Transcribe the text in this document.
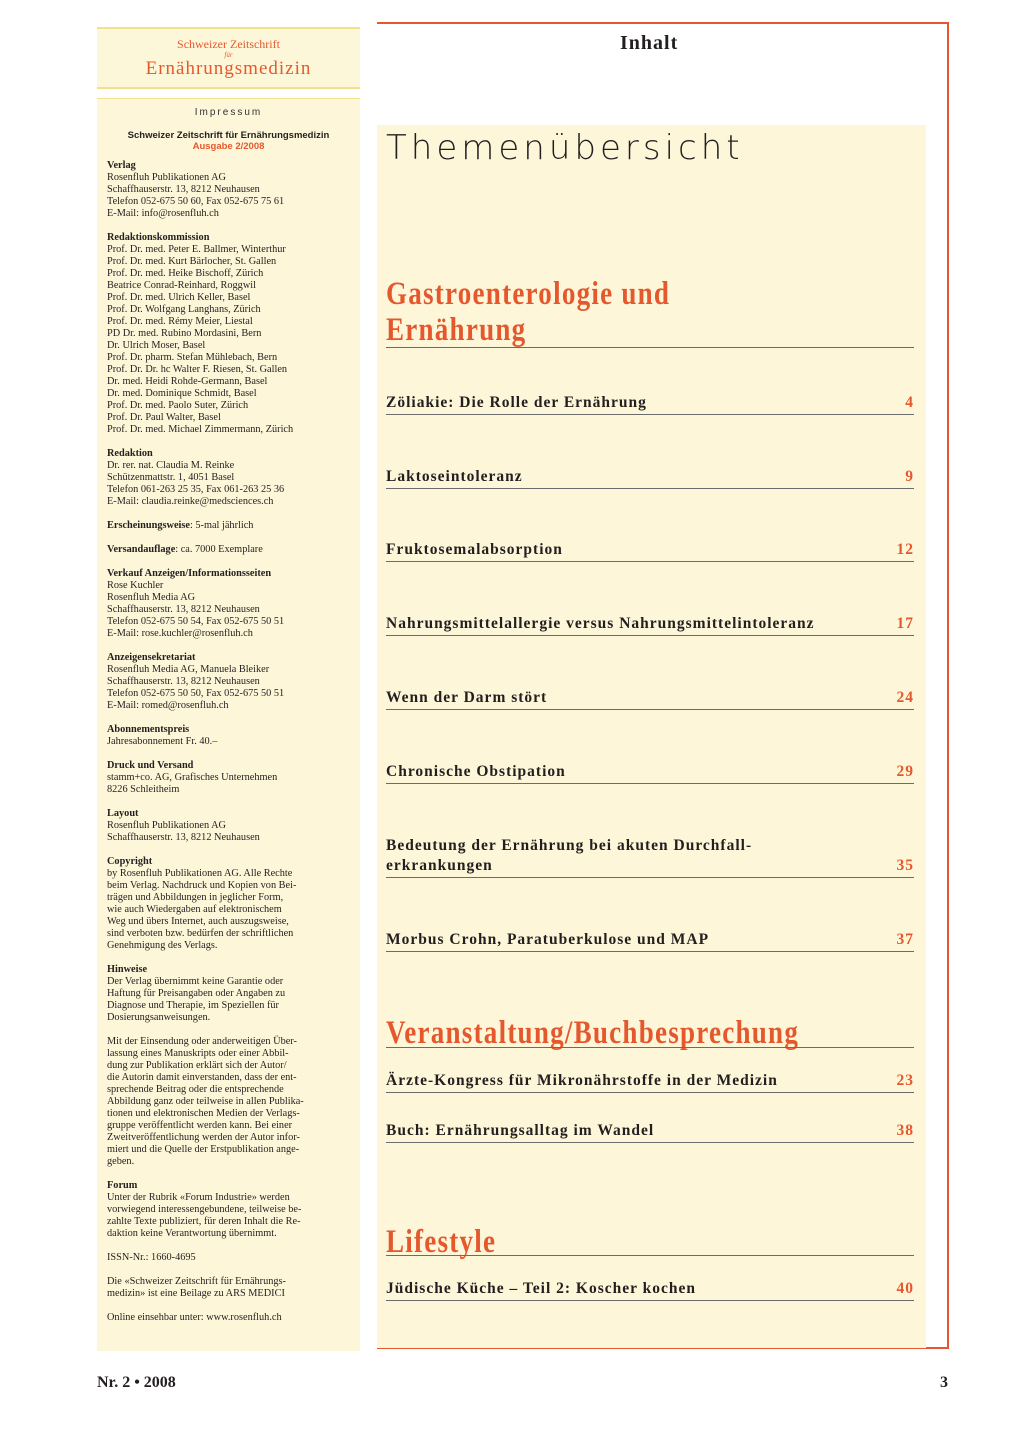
Schweizer Zeitschrift
für
Ernährungsmedizin
Impressum
Schweizer Zeitschrift für Ernährungsmedizin
Ausgabe 2/2008
Verlag
Rosenfluh Publikationen AG
Schaffhauserstr. 13, 8212 Neuhausen
Telefon 052-675 50 60, Fax 052-675 75 61
E-Mail: info@rosenfluh.ch
Redaktionskommission
Prof. Dr. med. Peter E. Ballmer, Winterthur
Prof. Dr. med. Kurt Bärlocher, St. Gallen
Prof. Dr. med. Heike Bischoff, Zürich
Beatrice Conrad-Reinhard, Roggwil
Prof. Dr. med. Ulrich Keller, Basel
Prof. Dr. Wolfgang Langhans, Zürich
Prof. Dr. med. Rémy Meier, Liestal
PD Dr. med. Rubino Mordasini, Bern
Dr. Ulrich Moser, Basel
Prof. Dr. pharm. Stefan Mühlebach, Bern
Prof. Dr. Dr. hc Walter F. Riesen, St. Gallen
Dr. med. Heidi Rohde-Germann, Basel
Dr. med. Dominique Schmidt, Basel
Prof. Dr. med. Paolo Suter, Zürich
Prof. Dr. Paul Walter, Basel
Prof. Dr. med. Michael Zimmermann, Zürich
Redaktion
Dr. rer. nat. Claudia M. Reinke
Schützenmattstr. 1, 4051 Basel
Telefon 061-263 25 35, Fax 061-263 25 36
E-Mail: claudia.reinke@medsciences.ch
Erscheinungsweise: 5-mal jährlich
Versandauflage: ca. 7000 Exemplare
Verkauf Anzeigen/Informationsseiten
Rose Kuchler
Rosenfluh Media AG
Schaffhauserstr. 13, 8212 Neuhausen
Telefon 052-675 50 54, Fax 052-675 50 51
E-Mail: rose.kuchler@rosenfluh.ch
Anzeigensekretariat
Rosenfluh Media AG, Manuela Bleiker
Schaffhauserstr. 13, 8212 Neuhausen
Telefon 052-675 50 50, Fax 052-675 50 51
E-Mail: romed@rosenfluh.ch
Abonnementspreis
Jahresabonnement Fr. 40.–
Druck und Versand
stamm+co. AG, Grafisches Unternehmen
8226 Schleitheim
Layout
Rosenfluh Publikationen AG
Schaffhauserstr. 13, 8212 Neuhausen
Copyright
by Rosenfluh Publikationen AG. Alle Rechte
beim Verlag. Nachdruck und Kopien von Bei-
trägen und Abbildungen in jeglicher Form,
wie auch Wiedergaben auf elektronischem
Weg und übers Internet, auch auszugsweise,
sind verboten bzw. bedürfen der schriftlichen
Genehmigung des Verlags.
Hinweise
Der Verlag übernimmt keine Garantie oder
Haftung für Preisangaben oder Angaben zu
Diagnose und Therapie, im Speziellen für
Dosierungsanweisungen.
Mit der Einsendung oder anderweitigen Über-
lassung eines Manuskripts oder einer Abbil-
dung zur Publikation erklärt sich der Autor/
die Autorin damit einverstanden, dass der ent-
sprechende Beitrag oder die entsprechende
Abbildung ganz oder teilweise in allen Publika-
tionen und elektronischen Medien der Verlags-
gruppe veröffentlicht werden kann. Bei einer
Zweitveröffentlichung werden der Autor infor-
miert und die Quelle der Erstpublikation ange-
geben.
Forum
Unter der Rubrik «Forum Industrie» werden
vorwiegend interessengebundene, teilweise be-
zahlte Texte publiziert, für deren Inhalt die Re-
daktion keine Verantwortung übernimmt.
ISSN-Nr.: 1660-4695
Die «Schweizer Zeitschrift für Ernährungs-
medizin» ist eine Beilage zu ARS MEDICI
Online einsehbar unter: www.rosenfluh.ch
Inhalt
Themenübersicht
Gastroenterologie und
Ernährung
Zöliakie: Die Rolle der Ernährung	4
Laktoseintoleranz	9
Fruktosemalabsorption	12
Nahrungsmittelallergie versus Nahrungsmittelintoleranz	17
Wenn der Darm stört	24
Chronische Obstipation	29
Bedeutung der Ernährung bei akuten Durchfall-
erkrankungen	35
Morbus Crohn, Paratuberkulose und MAP	37
Veranstaltung/Buchbesprechung
Ärzte-Kongress für Mikronährstoffe in der Medizin	23
Buch: Ernährungsalltag im Wandel	38
Lifestyle
Jüdische Küche – Teil 2: Koscher kochen	40
Nr. 2 • 2008	3
